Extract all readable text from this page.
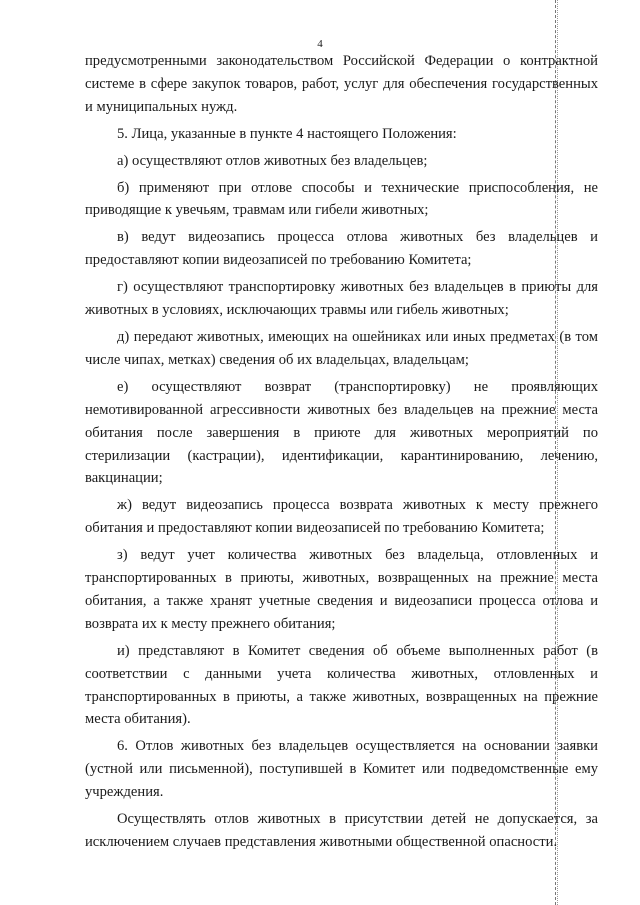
4

предусмотренными законодательством Российской Федерации о контрактной системе в сфере закупок товаров, работ, услуг для обеспечения государственных и муниципальных нужд.

5. Лица, указанные в пункте 4 настоящего Положения:

а) осуществляют отлов животных без владельцев;

б) применяют при отлове способы и технические приспособления, не приводящие к увечьям, травмам или гибели животных;

в) ведут видеозапись процесса отлова животных без владельцев и предоставляют копии видеозаписей по требованию Комитета;

г) осуществляют транспортировку животных без владельцев в приюты для животных в условиях, исключающих травмы или гибель животных;

д) передают животных, имеющих на ошейниках или иных предметах (в том числе чипах, метках) сведения об их владельцах, владельцам;

е) осуществляют возврат (транспортировку) не проявляющих немотивированной агрессивности животных без владельцев на прежние места обитания после завершения в приюте для животных мероприятий по стерилизации (кастрации), идентификации, карантинированию, лечению, вакцинации;

ж) ведут видеозапись процесса возврата животных к месту прежнего обитания и предоставляют копии видеозаписей по требованию Комитета;

з) ведут учет количества животных без владельца, отловленных и транспортированных в приюты, животных, возвращенных на прежние места обитания, а также хранят учетные сведения и видеозаписи процесса отлова и возврата их к месту прежнего обитания;

и) представляют в Комитет сведения об объеме выполненных работ (в соответствии с данными учета количества животных, отловленных и транспортированных в приюты, а также животных, возвращенных на прежние места обитания).

6. Отлов животных без владельцев осуществляется на основании заявки (устной или письменной), поступившей в Комитет или подведомственные ему учреждения.

Осуществлять отлов животных в присутствии детей не допускается, за исключением случаев представления животными общественной опасности.
